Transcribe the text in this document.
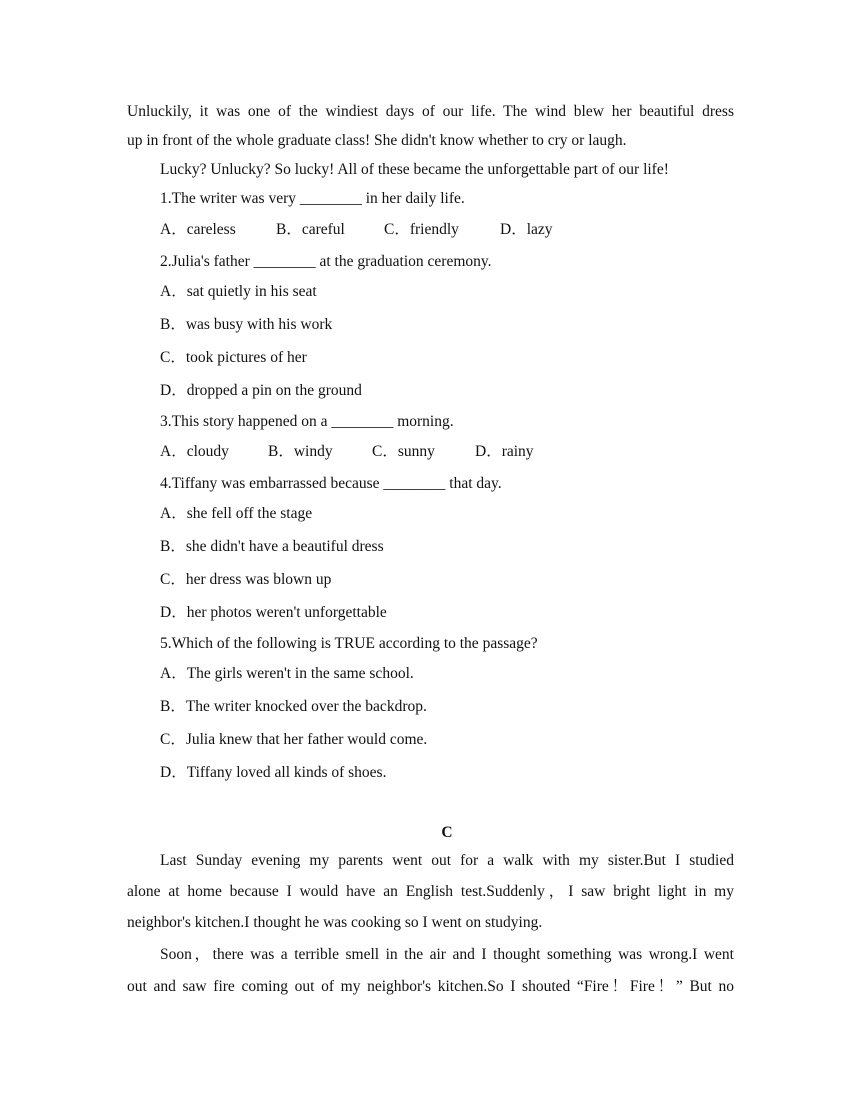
Unluckily, it was one of the windiest days of our life. The wind blew her beautiful dress
up in front of the whole graduate class! She didn't know whether to cry or laugh.
Lucky? Unlucky? So lucky! All of these became the unforgettable part of our life!
1.The writer was very ________ in her daily life.
A．careless	B．careful	C．friendly	D．lazy
2.Julia's father ________ at the graduation ceremony.
A．sat quietly in his seat
B．was busy with his work
C．took pictures of her
D．dropped a pin on the ground
3.This story happened on a ________ morning.
A．cloudy	B．windy	C．sunny	D．rainy
4.Tiffany was embarrassed because ________ that day.
A．she fell off the stage
B．she didn't have a beautiful dress
C．her dress was blown up
D．her photos weren't unforgettable
5.Which of the following is TRUE according to the passage?
A．The girls weren't in the same school.
B．The writer knocked over the backdrop.
C．Julia knew that her father would come.
D．Tiffany loved all kinds of shoes.
C
Last Sunday evening my parents went out for a walk with my sister.But I studied
alone at home because I would have an English test.Suddenly，I saw bright light in my
neighbor's kitchen.I thought he was cooking so I went on studying.
Soon，there was a terrible smell in the air and I thought something was wrong.I went
out and saw fire coming out of my neighbor's kitchen.So I shouted “Fire！Fire！” But no
